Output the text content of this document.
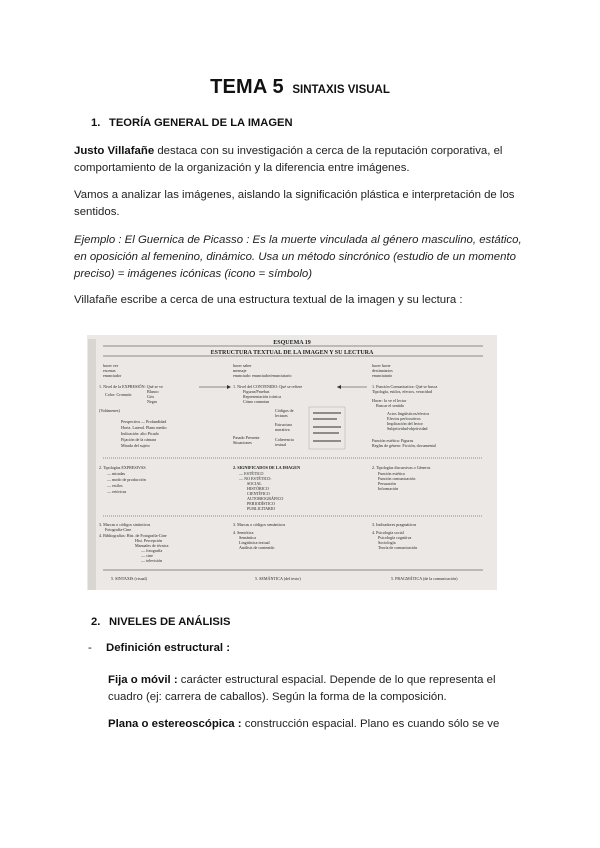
TEMA 5 SINTAXIS VISUAL
1. TEORÍA GENERAL DE LA IMAGEN
Justo Villafañe destaca con su investigación a cerca de la reputación corporativa, el comportamiento de la organización y la diferencia entre imágenes.
Vamos a analizar las imágenes, aislando la significación plástica e interpretación de los sentidos.
Ejemplo : El Guernica de Picasso : Es la muerte vinculada al género masculino, estático, en oposición al femenino, dinámico. Usa un método sincrónico (estudio de un momento preciso) = imágenes icónicas (icono = símbolo)
Villafañe escribe a cerca de una estructura textual de la imagen y su lectura :
ESQUEMA 19
ESTRUCTURA TEXTUAL DE LA IMAGEN Y SU LECTURA
hacer ver
escenas
enunciador
hacer saber
mensaje
enunciado: enunciador/enunciatario
hacer hacer
destinatarios
enunciatario
1. Nivel de la EXPRESIÓN: Qué se ve
Color: Cromatic
Blanco
Gris
Negro
(Volúmenes)
Perspectiva — Profundidad
Horiz. Lateral. Plano medio
Indicación: alto Picado
Fijación de la cámara
Mirada del sujeto
1. Nivel del CONTENIDO: Qué se refiere
Figuras/Pruebas
Representación icónica
Cómo connotan
Códigos de
lecturas
Estructura
narrativa
Pasado Presente
Situaciones
Coherencia
textual
1. Función Comunicativa: Qué se busca
Tipología, estilos, efectos, veracidad
Hacer: lo ve el lector
Buscar el sentido
Actos lingüísticos/efectos
Efectos perlocutivos
Implicación del lector
Subjetividad-objetividad
Función estética: Figuras
Reglas de género: Ficción, documental
2. Tipologías EXPRESIVAS
— miradas
— modo de producción
— estilos
— retóricas
2. SIGNIFICADOS DE LA IMAGEN
— ESTÉTICO
— NO ESTÉTICO:
SOCIAL
HISTÓRICO
CIENTÍFICO
AUTOBIOGRÁFICO
PERIODÍSTICO
PUBLICITARIO
2. Tipologías discursivas o Géneros
Función estética
Función comunicación
Persuasión
Información
3. Marcas o códigos sintácticos
Fotografía-Cine
4. Bibliografías: Hist. de Fotografía-Cine
Hist. Percepción
Manuales de técnica
— fotografía
— cine
— televisión
3. Marcas o códigos semánticos
4. Semiótica
Semántica
Lingüística textual
Análisis de contenido
3. Indicadores pragmáticos
4. Psicología social
Psicología cognitiva
Sociología
Teoría de comunicación
5. SINTAXIS (visual)	5. SEMÁNTICA (del texto)	5. PRAGMÁTICA (de la comunicación)
2. NIVELES DE ANÁLISIS
- Definición estructural :
Fija o móvil : carácter estructural espacial. Depende de lo que representa el cuadro (ej: carrera de caballos). Según la forma de la composición.
Plana o estereoscópica : construcción espacial. Plano es cuando sólo se ve
